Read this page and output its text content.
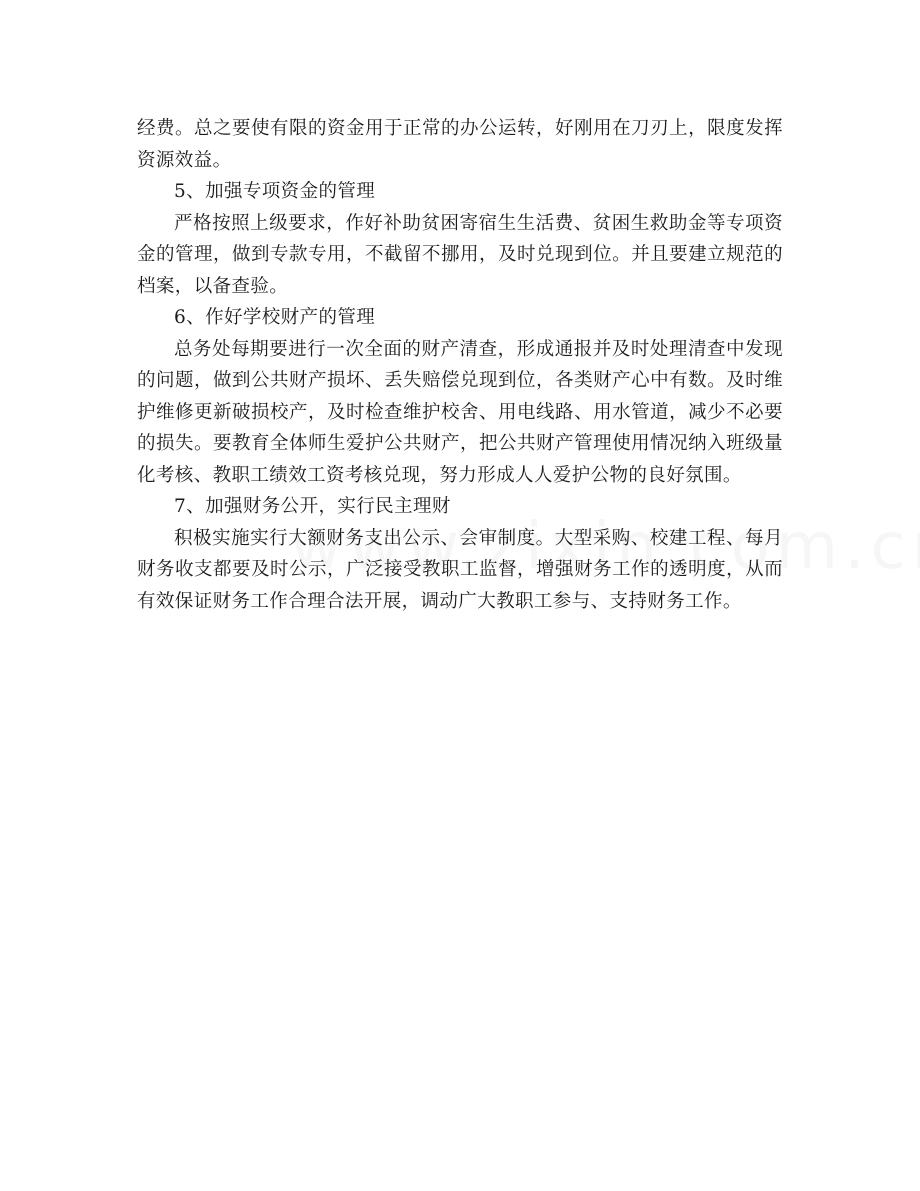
经费。总之要使有限的资金用于正常的办公运转，好刚用在刀刃上，限度发挥资源效益。

5、加强专项资金的管理

严格按照上级要求，作好补助贫困寄宿生生活费、贫困生救助金等专项资金的管理，做到专款专用，不截留不挪用，及时兑现到位。并且要建立规范的档案，以备查验。

6、作好学校财产的管理

总务处每期要进行一次全面的财产清查，形成通报并及时处理清查中发现的问题，做到公共财产损坏、丢失赔偿兑现到位，各类财产心中有数。及时维护维修更新破损校产，及时检查维护校舍、用电线路、用水管道，减少不必要的损失。要教育全体师生爱护公共财产，把公共财产管理使用情况纳入班级量化考核、教职工绩效工资考核兑现，努力形成人人爱护公物的良好氛围。

7、加强财务公开，实行民主理财

积极实施实行大额财务支出公示、会审制度。大型采购、校建工程、每月财务收支都要及时公示，广泛接受教职工监督，增强财务工作的透明度，从而有效保证财务工作合理合法开展，调动广大教职工参与、支持财务工作。
